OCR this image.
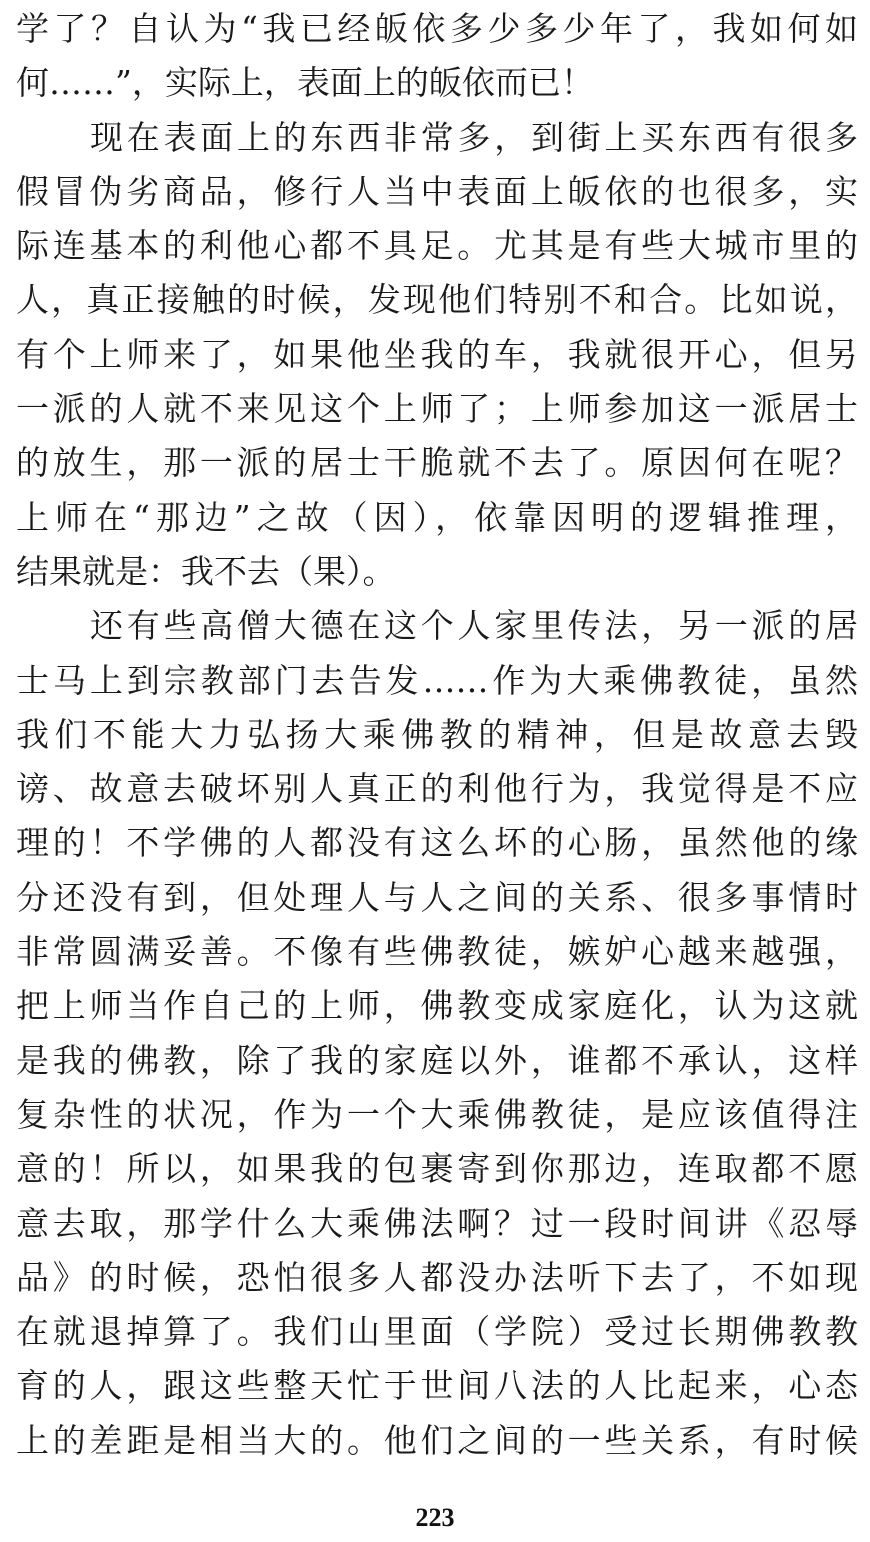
学了？自认为“我已经皈依多少多少年了，我如何如
何……”，实际上，表面上的皈依而已！
现在表面上的东西非常多，到街上买东西有很多
假冒伪劣商品，修行人当中表面上皈依的也很多，实
际连基本的利他心都不具足。尤其是有些大城市里的
人，真正接触的时候，发现他们特别不和合。比如说，
有个上师来了，如果他坐我的车，我就很开心，但另
一派的人就不来见这个上师了；上师参加这一派居士
的放生，那一派的居士干脆就不去了。原因何在呢？
上师在“那边”之故（因），依靠因明的逻辑推理，
结果就是：我不去（果）。
还有些高僧大德在这个人家里传法，另一派的居
士马上到宗教部门去告发……作为大乘佛教徒，虽然
我们不能大力弘扬大乘佛教的精神，但是故意去毁
谤、故意去破坏别人真正的利他行为，我觉得是不应
理的！不学佛的人都没有这么坏的心肠，虽然他的缘
分还没有到，但处理人与人之间的关系、很多事情时
非常圆满妥善。不像有些佛教徒，嫉妒心越来越强，
把上师当作自己的上师，佛教变成家庭化，认为这就
是我的佛教，除了我的家庭以外，谁都不承认，这样
复杂性的状况，作为一个大乘佛教徒，是应该值得注
意的！所以，如果我的包裹寄到你那边，连取都不愿
意去取，那学什么大乘佛法啊？过一段时间讲《忍辱
品》的时候，恐怕很多人都没办法听下去了，不如现
在就退掉算了。我们山里面（学院）受过长期佛教教
育的人，跟这些整天忙于世间八法的人比起来，心态
上的差距是相当大的。他们之间的一些关系，有时候
223
